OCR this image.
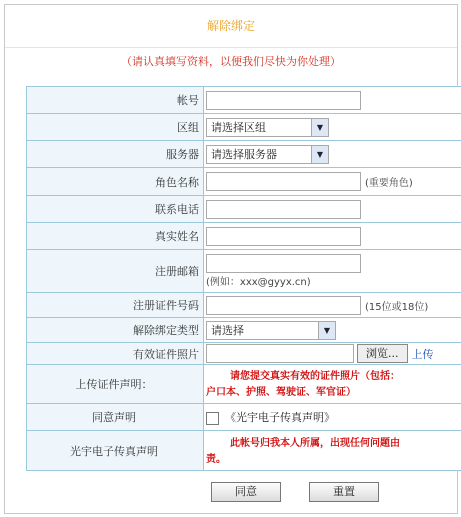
解除绑定
（请认真填写资料，以便我们尽快为你处理）
帐号	
区组	请选择区组 ▼

服务器	请选择服务器 ▼

角色名称	(重要角色)
联系电话	
真实姓名	
注册邮箱	(例如：xxx@gyyx.cn)
注册证件号码	(15位或18位)
解除绑定类型	请选择 ▼

有效证件照片	浏览... 上传
上传证件声明：	请您提交真实有效的证件照片（包括：
户口本、护照、驾驶证、军官证）
同意声明	《光宇电子传真声明》
光宇电子传真声明	此帐号归我本人所属，出现任何问题由
责。
同意	重置
